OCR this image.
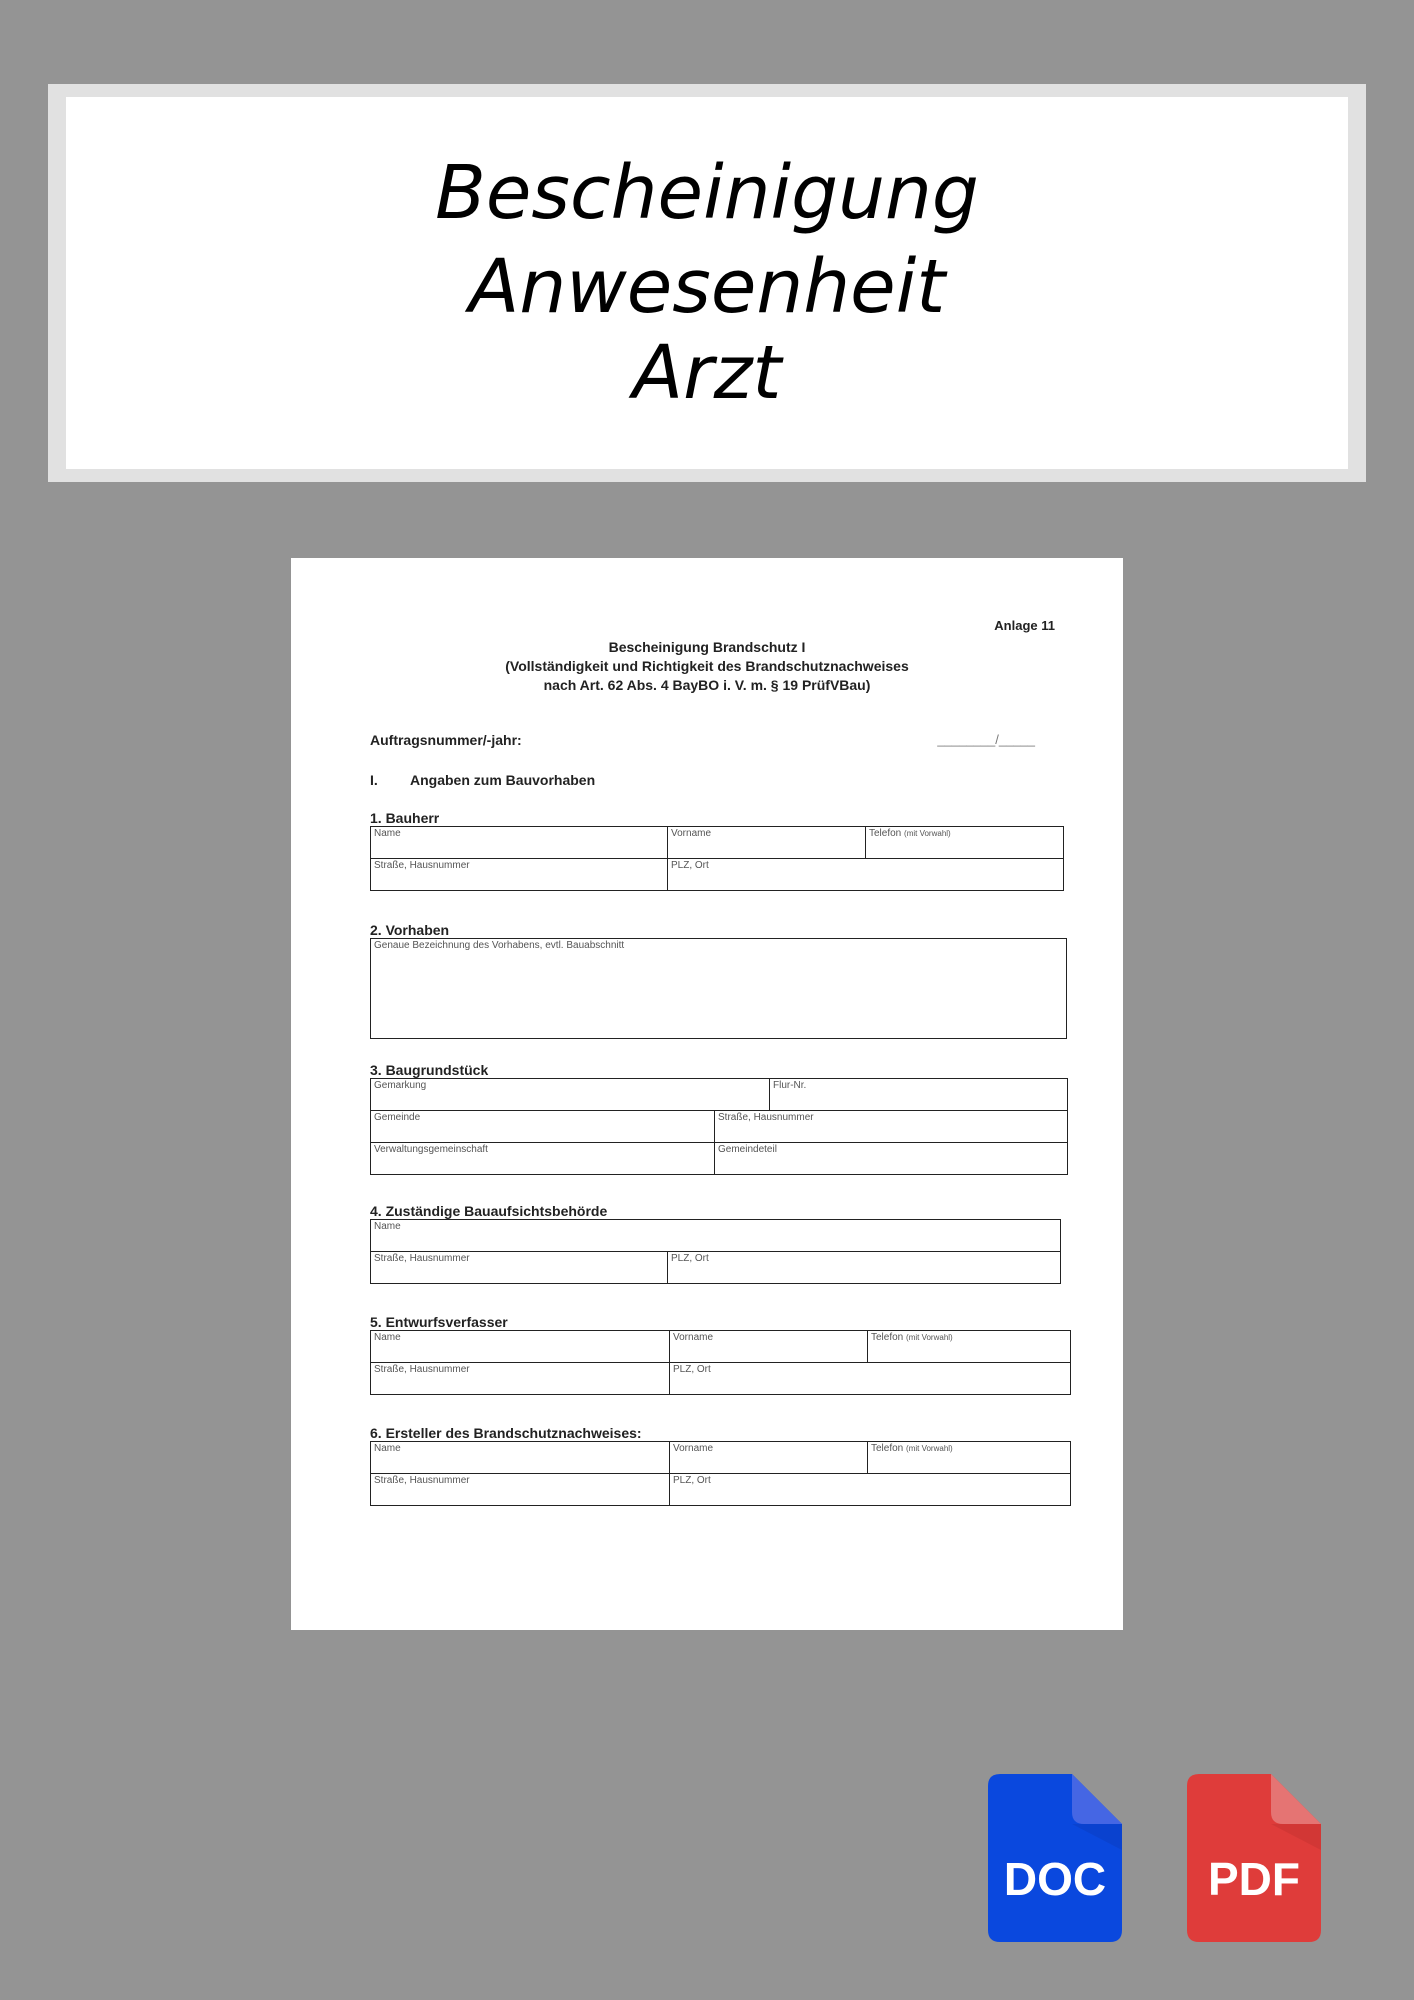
Bescheinigung
Anwesenheit
Arzt
Anlage 11
Bescheinigung Brandschutz I
(Vollständigkeit und Richtigkeit des Brandschutznachweises
nach Art. 62 Abs. 4 BayBO i. V. m. § 19 PrüfVBau)
Auftragsnummer/-jahr:	________/_____
I. Angaben zum Bauvorhaben
1. Bauherr
Name	Vorname	Telefon (mit Vorwahl)
Straße, Hausnummer	PLZ, Ort	
2. Vorhaben
Genaue Bezeichnung des Vorhabens, evtl. Bauabschnitt
3. Baugrundstück
Gemarkung		Flur-Nr.
Gemeinde	Straße, Hausnummer	
Verwaltungsgemeinschaft	Gemeindeteil	
4. Zuständige Bauaufsichtsbehörde
Name
Straße, Hausnummer	PLZ, Ort
5. Entwurfsverfasser
Name	Vorname	Telefon (mit Vorwahl)
Straße, Hausnummer	PLZ, Ort	
6. Ersteller des Brandschutznachweises:
Name	Vorname	Telefon (mit Vorwahl)
Straße, Hausnummer	PLZ, Ort	
DOC	PDF
